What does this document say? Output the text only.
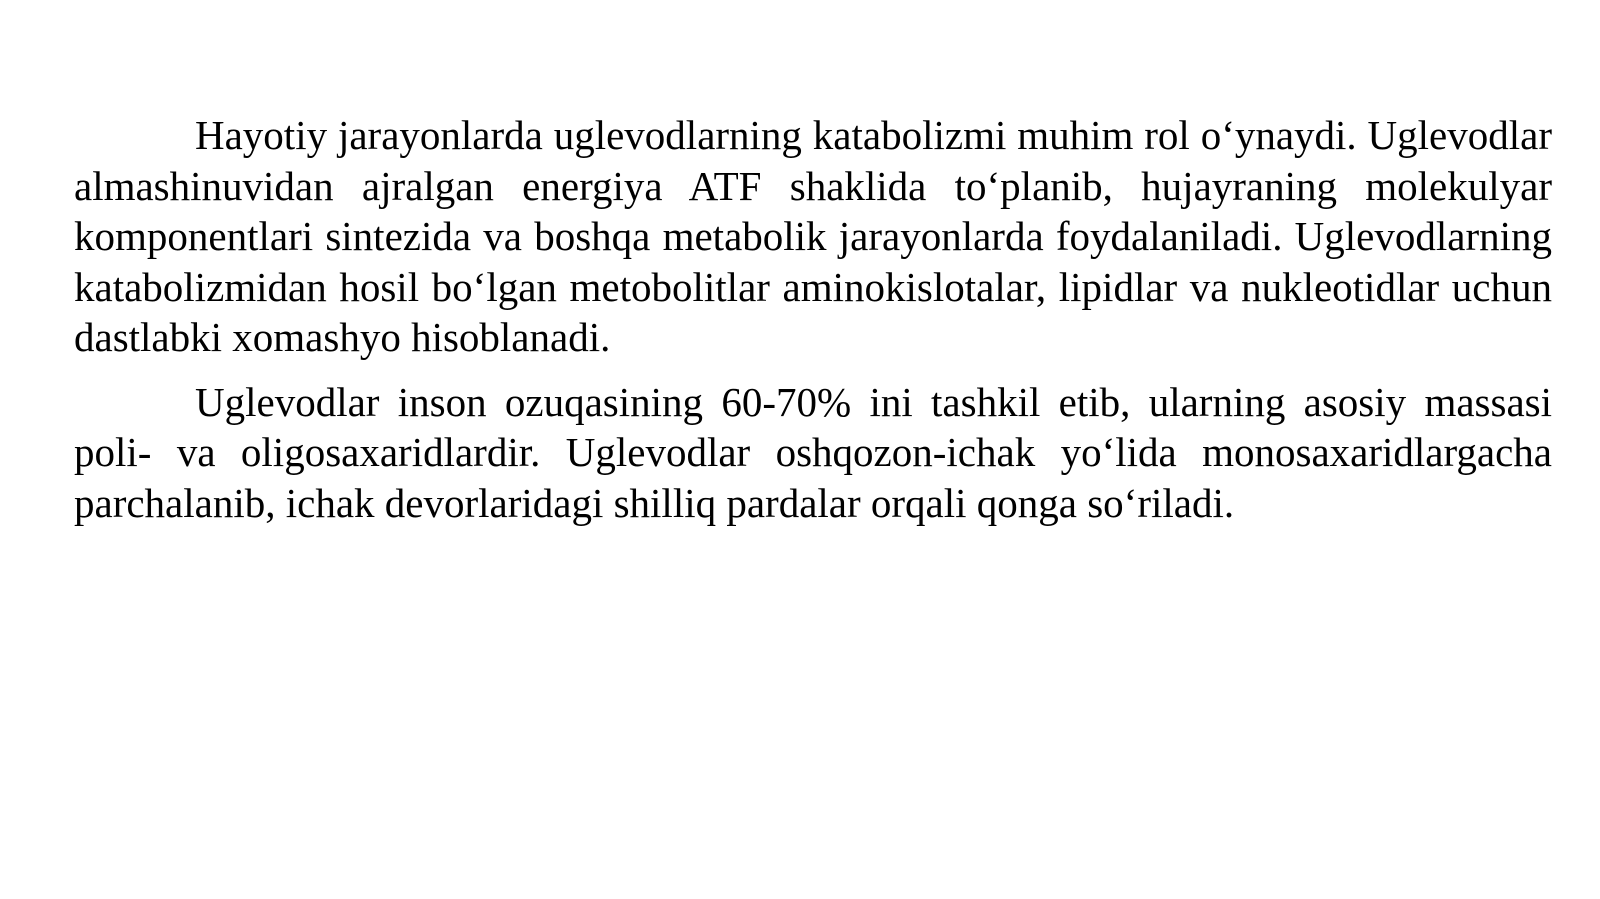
Hayotiy jarayonlarda uglevodlarning katabolizmi muhim rol o‘ynaydi. Uglevodlar almashinuvidan ajralgan energiya ATF shaklida to‘planib, hujayraning molekulyar komponentlari sintezida va boshqa metabolik jarayonlarda foydalaniladi. Uglevodlarning katabolizmidan hosil bo‘lgan metobolitlar aminokislotalar, lipidlar va nukleotidlar uchun dastlabki xomashyo hisoblanadi.

Uglevodlar inson ozuqasining 60-70% ini tashkil etib, ularning asosiy massasi poli- va oligosaxaridlardir. Uglevodlar oshqozon-ichak yo‘lida monosaxaridlargacha parchalanib, ichak devorlaridagi shilliq pardalar orqali qonga so‘riladi.
